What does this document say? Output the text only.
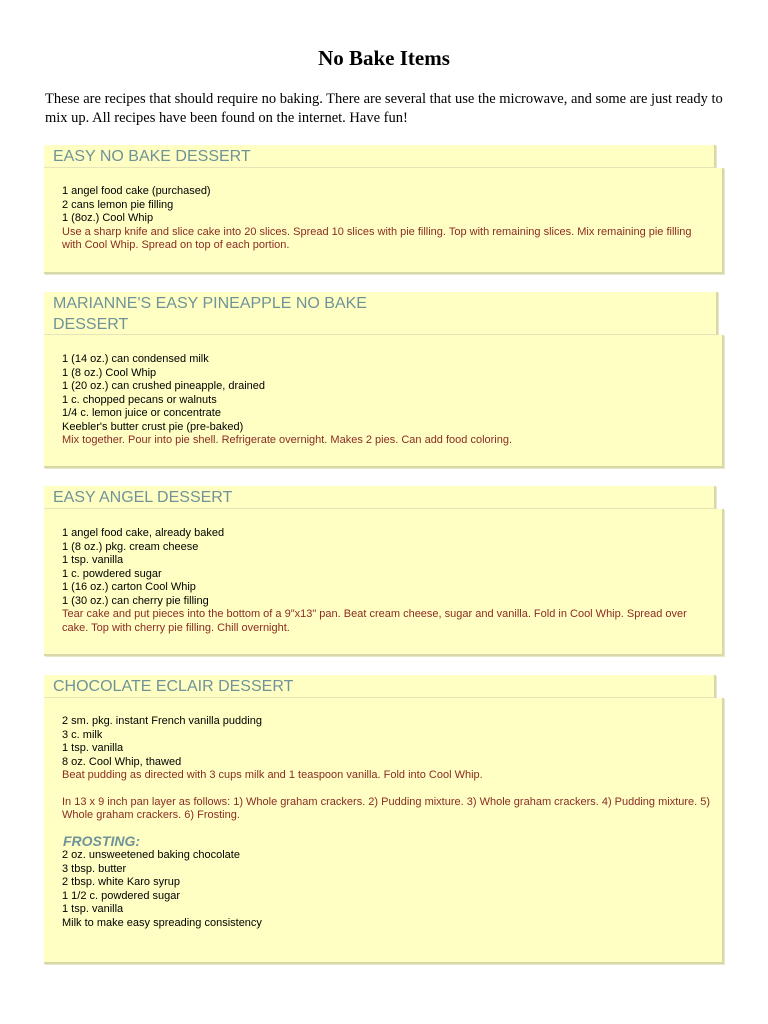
No Bake Items
These are recipes that should require no baking. There are several that use the microwave, and some are just ready to mix up. All recipes have been found on the internet. Have fun!
EASY NO BAKE DESSERT
1 angel food cake (purchased)
2 cans lemon pie filling
1 (8oz.) Cool Whip
Use a sharp knife and slice cake into 20 slices. Spread 10 slices with pie filling. Top with remaining slices. Mix remaining pie filling with Cool Whip. Spread on top of each portion.
MARIANNE'S EASY PINEAPPLE NO BAKE
DESSERT
1 (14 oz.) can condensed milk
1 (8 oz.) Cool Whip
1 (20 oz.) can crushed pineapple, drained
1 c. chopped pecans or walnuts
1/4 c. lemon juice or concentrate
Keebler's butter crust pie (pre-baked)
Mix together. Pour into pie shell. Refrigerate overnight. Makes 2 pies. Can add food coloring.
EASY ANGEL DESSERT
1 angel food cake, already baked
1 (8 oz.) pkg. cream cheese
1 tsp. vanilla
1 c. powdered sugar
1 (16 oz.) carton Cool Whip
1 (30 oz.) can cherry pie filling
Tear cake and put pieces into the bottom of a 9"x13" pan. Beat cream cheese, sugar and vanilla. Fold in Cool Whip. Spread over cake. Top with cherry pie filling. Chill overnight.
CHOCOLATE ECLAIR DESSERT
2 sm. pkg. instant French vanilla pudding
3 c. milk
1 tsp. vanilla
8 oz. Cool Whip, thawed
Beat pudding as directed with 3 cups milk and 1 teaspoon vanilla. Fold into Cool Whip.
In 13 x 9 inch pan layer as follows: 1) Whole graham crackers. 2) Pudding mixture. 3) Whole graham crackers. 4) Pudding mixture. 5) Whole graham crackers. 6) Frosting.
FROSTING:
2 oz. unsweetened baking chocolate
3 tbsp. butter
2 tbsp. white Karo syrup
1 1/2 c. powdered sugar
1 tsp. vanilla
Milk to make easy spreading consistency
